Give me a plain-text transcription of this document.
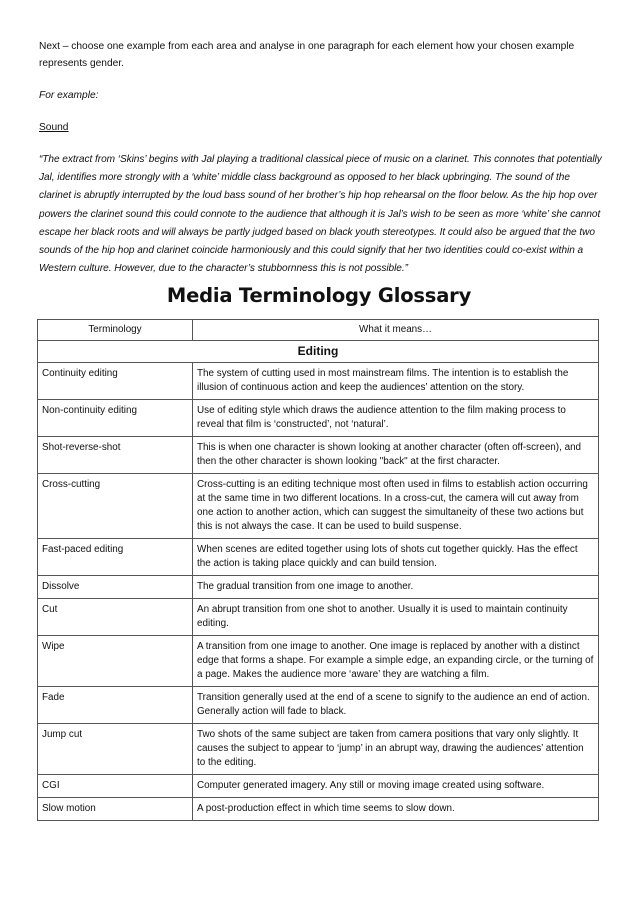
Next – choose one example from each area and analyse in one paragraph for each element how your chosen example represents gender.

For example:

Sound

“The extract from ‘Skins’ begins with Jal playing a traditional classical piece of music on a clarinet. This connotes that potentially Jal, identifies more strongly with a ‘white’ middle class background as opposed to her black upbringing. The sound of the clarinet is abruptly interrupted by the loud bass sound of her brother’s hip hop rehearsal on the floor below. As the hip hop over powers the clarinet sound this could connote to the audience that although it is Jal’s wish to be seen as more ‘white’ she cannot escape her black roots and will always be partly judged based on black youth stereotypes. It could also be argued that the two sounds of the hip hop and clarinet coincide harmoniously and this could signify that her two identities could co-exist within a Western culture. However, due to the character’s stubbornness this is not possible.”

Media Terminology Glossary
Terminology	What it means…
Editing	
Continuity editing	The system of cutting used in most mainstream films. The intention is to establish the illusion of continuous action and keep the audiences’ attention on the story.
Non-continuity editing	Use of editing style which draws the audience attention to the film making process to reveal that film is ‘constructed’, not ‘natural’.
Shot-reverse-shot	This is when one character is shown looking at another character (often off-screen), and then the other character is shown looking "back" at the first character.
Cross-cutting	Cross-cutting is an editing technique most often used in films to establish action occurring at the same time in two different locations. In a cross-cut, the camera will cut away from one action to another action, which can suggest the simultaneity of these two actions but this is not always the case. It can be used to build suspense.
Fast-paced editing	When scenes are edited together using lots of shots cut together quickly. Has the effect the action is taking place quickly and can build tension.
Dissolve	The gradual transition from one image to another.
Cut	An abrupt transition from one shot to another. Usually it is used to maintain continuity editing.
Wipe	A transition from one image to another. One image is replaced by another with a distinct edge that forms a shape. For example a simple edge, an expanding circle, or the turning of a page. Makes the audience more ‘aware’ they are watching a film.
Fade	Transition generally used at the end of a scene to signify to the audience an end of action. Generally action will fade to black.
Jump cut	Two shots of the same subject are taken from camera positions that vary only slightly. It causes the subject to appear to ‘jump’ in an abrupt way, drawing the audiences’ attention to the editing.
CGI	Computer generated imagery. Any still or moving image created using software.
Slow motion	A post-production effect in which time seems to slow down.
